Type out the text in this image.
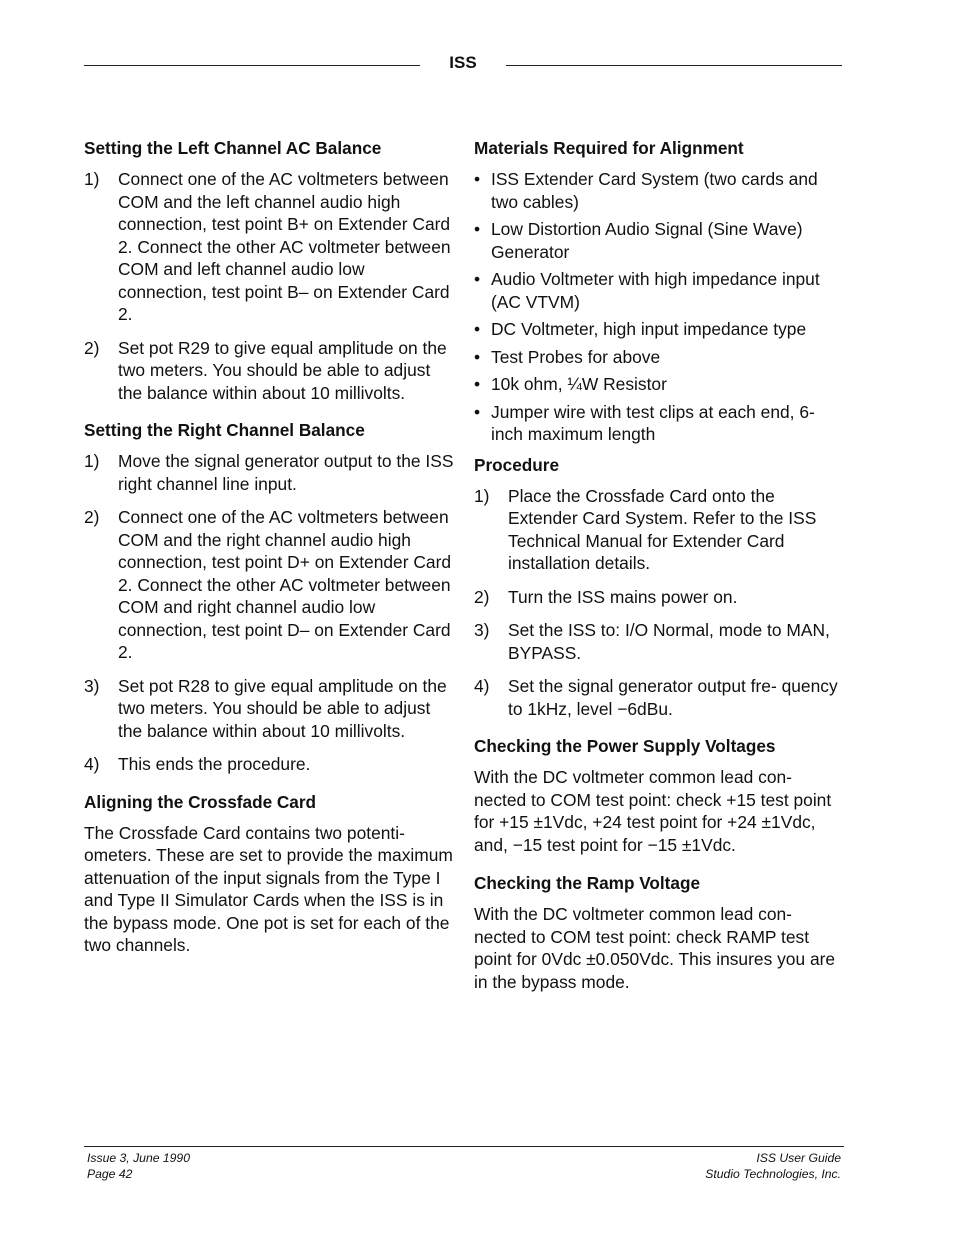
ISS
Setting the Left Channel AC Balance
1)	Connect one of the AC voltmeters between COM and the left channel audio high connection, test point B+ on Extender Card 2. Connect the other AC voltmeter between COM and left channel audio low connection, test point B– on Extender Card 2.
2)	Set pot R29 to give equal amplitude on the two meters. You should be able to adjust the balance within about 10 millivolts.
Setting the Right Channel Balance
1)	Move the signal generator output to the ISS right channel line input.
2)	Connect one of the AC voltmeters between COM and the right channel audio high connection, test point D+ on Extender Card 2. Connect the other AC voltmeter between COM and right channel audio low connection, test point D– on Extender Card 2.
3)	Set pot R28 to give equal amplitude on the two meters. You should be able to adjust the balance within about 10 millivolts.
4)	This ends the procedure.
Aligning the Crossfade Card

The Crossfade Card contains two potenti- ometers. These are set to provide the maximum attenuation of the input signals from the Type I and Type II Simulator Cards when the ISS is in the bypass mode. One pot is set for each of the two channels.

Materials Required for Alignment
• ISS Extender Card System (two cards and two cables)
• Low Distortion Audio Signal (Sine Wave) Generator
• Audio Voltmeter with high impedance input (AC VTVM)
• DC Voltmeter, high input impedance type
• Test Probes for above
• 10k ohm, ¼W Resistor
• Jumper wire with test clips at each end, 6-inch maximum length
Procedure
1)	Place the Crossfade Card onto the Extender Card System. Refer to the ISS Technical Manual for Extender Card installation details.
2)	Turn the ISS mains power on.
3)	Set the ISS to: I/O Normal, mode to MAN, BYPASS.
4)	Set the signal generator output fre- quency to 1kHz, level −6dBu.
Checking the Power Supply Voltages

With the DC voltmeter common lead con- nected to COM test point: check +15 test point for +15 ±1Vdc, +24 test point for +24 ±1Vdc, and, −15 test point for −15 ±1Vdc.

Checking the Ramp Voltage

With the DC voltmeter common lead con- nected to COM test point: check RAMP test point for 0Vdc ±0.050Vdc. This insures you are in the bypass mode.

Issue 3, June 1990
Page 42
ISS User Guide
Studio Technologies, Inc.
